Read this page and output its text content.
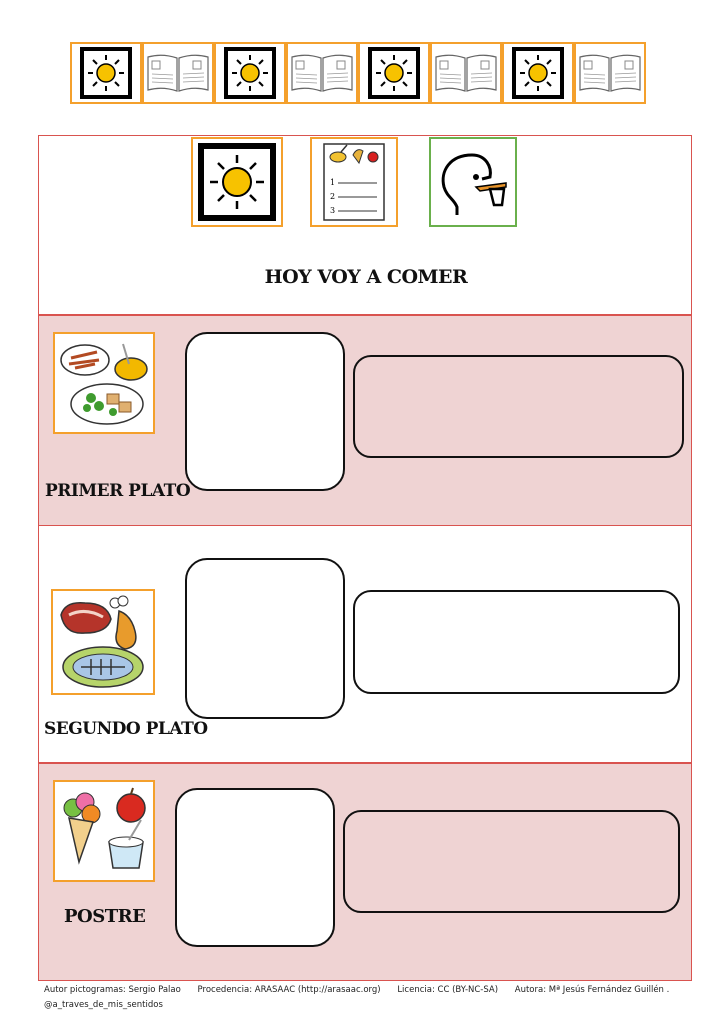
1
2
3
HOY VOY A COMER
PRIMER PLATO
SEGUNDO PLATO
POSTRE
Autor pictogramas: Sergio Palao Procedencia: ARASAAC (http://arasaac.org) Licencia: CC (BY-NC-SA) Autora: Mª Jesús Fernández Guillén .
@a_traves_de_mis_sentidos
